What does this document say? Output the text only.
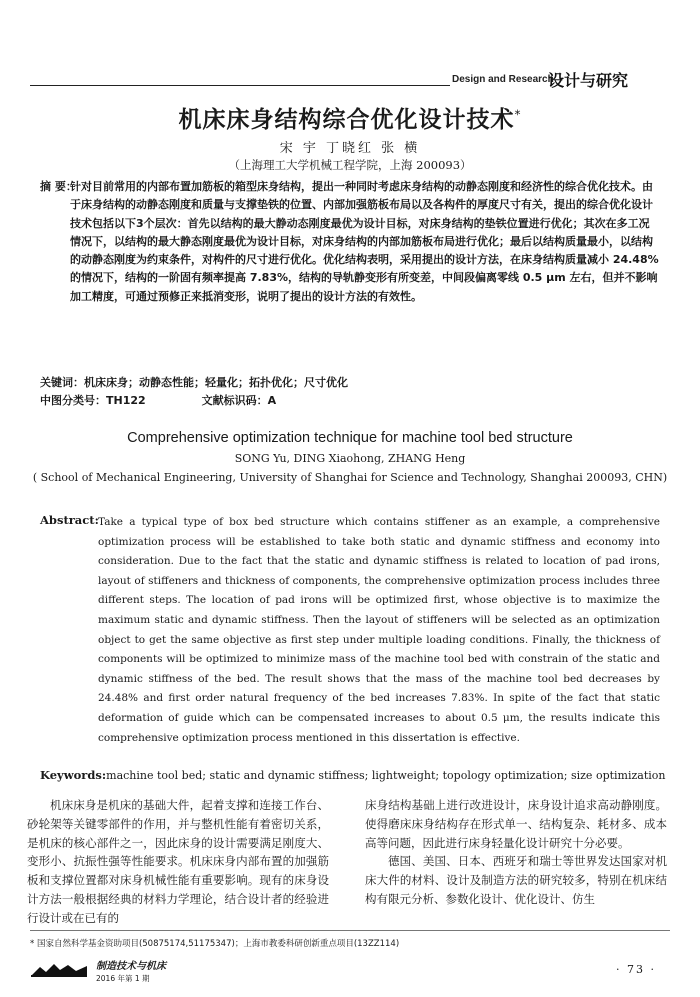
Design and Research
设计与研究
机床床身结构综合优化设计技术*
宋 宇 丁晓红 张 横
（上海理工大学机械工程学院，上海 200093）
摘 要：
针对目前常用的内部布置加筋板的箱型床身结构，提出一种同时考虑床身结构的动静态刚度和经济性的综合优化技术。由于床身结构的动静态刚度和质量与支撑垫铁的位置、内部加强筋板布局以及各构件的厚度尺寸有关，提出的综合优化设计技术包括以下3个层次：首先以结构的最大静动态刚度最优为设计目标，对床身结构的垫铁位置进行优化；其次在多工况情况下，以结构的最大静态刚度最优为设计目标，对床身结构的内部加筋板布局进行优化；最后以结构质量最小，以结构的动静态刚度为约束条件，对构件的尺寸进行优化。优化结构表明，采用提出的设计方法，在床身结构质量减小 24.48% 的情况下，结构的一阶固有频率提高 7.83%，结构的导轨静变形有所变差，中间段偏离零线 0.5 μm 左右，但并不影响加工精度，可通过预修正来抵消变形，说明了提出的设计方法的有效性。
关键词：机床床身；动静态性能；轻量化；拓扑优化；尺寸优化
中图分类号：TH122	文献标识码：A
Comprehensive optimization technique for machine tool bed structure
SONG Yu, DING Xiaohong, ZHANG Heng
( School of Mechanical Engineering, University of Shanghai for Science and Technology, Shanghai 200093, CHN)
Abstract: Take a typical type of box bed structure which contains stiffener as an example, a comprehensive optimization process will be established to take both static and dynamic stiffness and economy into consideration. Due to the fact that the static and dynamic stiffness is related to location of pad irons, layout of stiffeners and thickness of components, the comprehensive optimization process includes three different steps. The location of pad irons will be optimized first, whose objective is to maximize the maximum static and dynamic stiffness. Then the layout of stiffeners will be selected as an optimization object to get the same objective as first step under multiple loading conditions. Finally, the thickness of components will be optimized to minimize mass of the machine tool bed with constrain of the static and dynamic stiffness of the bed. The result shows that the mass of the machine tool bed decreases by 24.48% and first order natural frequency of the bed increases 7.83%. In spite of the fact that static deformation of guide which can be compensated increases to about 0.5 μm, the results indicate this comprehensive optimization process mentioned in this dissertation is effective.
Keywords:machine tool bed; static and dynamic stiffness; lightweight; topology optimization; size optimization

机床床身是机床的基础大件，起着支撑和连接工作台、砂轮架等关键零部件的作用，并与整机性能有着密切关系，是机床的核心部件之一，因此床身的设计需要满足刚度大、变形小、抗振性强等性能要求。机床床身内部布置的加强筋板和支撑位置都对床身机械性能有重要影响。现有的床身设计方法一般根据经典的材料力学理论，结合设计者的经验进行设计或在已有的

床身结构基础上进行改进设计，床身设计追求高动静刚度。使得磨床床身结构存在形式单一、结构复杂、耗材多、成本高等问题，因此进行床身轻量化设计研究十分必要。

德国、美国、日本、西班牙和瑞士等世界发达国家对机床大件的材料、设计及制造方法的研究较多，特别在机床结构有限元分析、参数化设计、优化设计、仿生

* 国家自然科学基金资助项目(50875174,51175347)；上海市教委科研创新重点项目(13ZZ114)
制造技术与机床
2016 年第 1 期
· 73 ·
